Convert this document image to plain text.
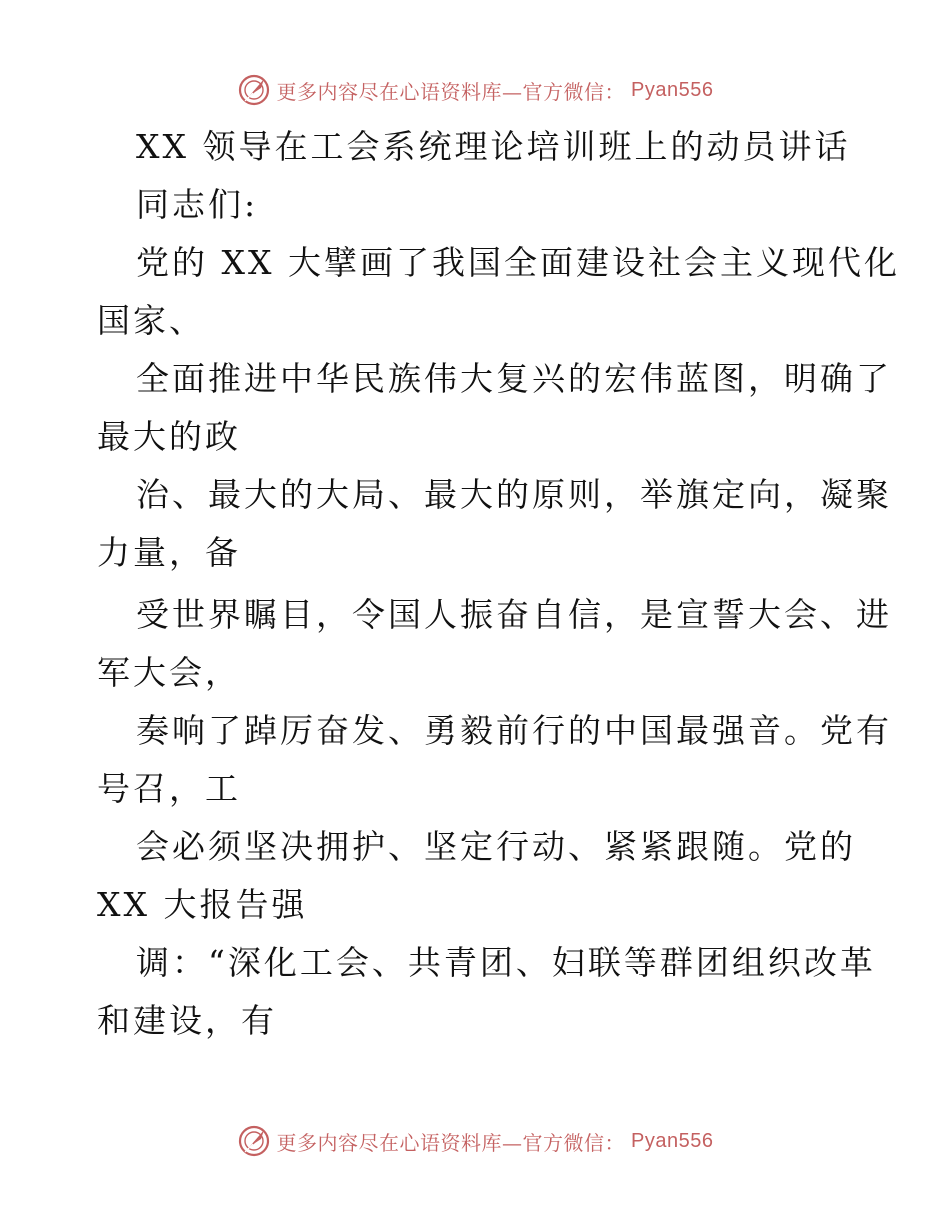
更多内容尽在心语资料库—官方微信： Pyan556
XX 领导在工会系统理论培训班上的动员讲话
同志们:
党的 XX 大擘画了我国全面建设社会主义现代化
国家、
全面推进中华民族伟大复兴的宏伟蓝图，明确了
最大的政
治、最大的大局、最大的原则，举旗定向，凝聚
力量，备
受世界瞩目，令国人振奋自信，是宣誓大会、进
军大会，
奏响了踔厉奋发、勇毅前行的中国最强音。党有
号召，工
会必须坚决拥护、坚定行动、紧紧跟随。党的
XX 大报告强
调：“深化工会、共青团、妇联等群团组织改革
和建设，有
更多内容尽在心语资料库—官方微信： Pyan556
